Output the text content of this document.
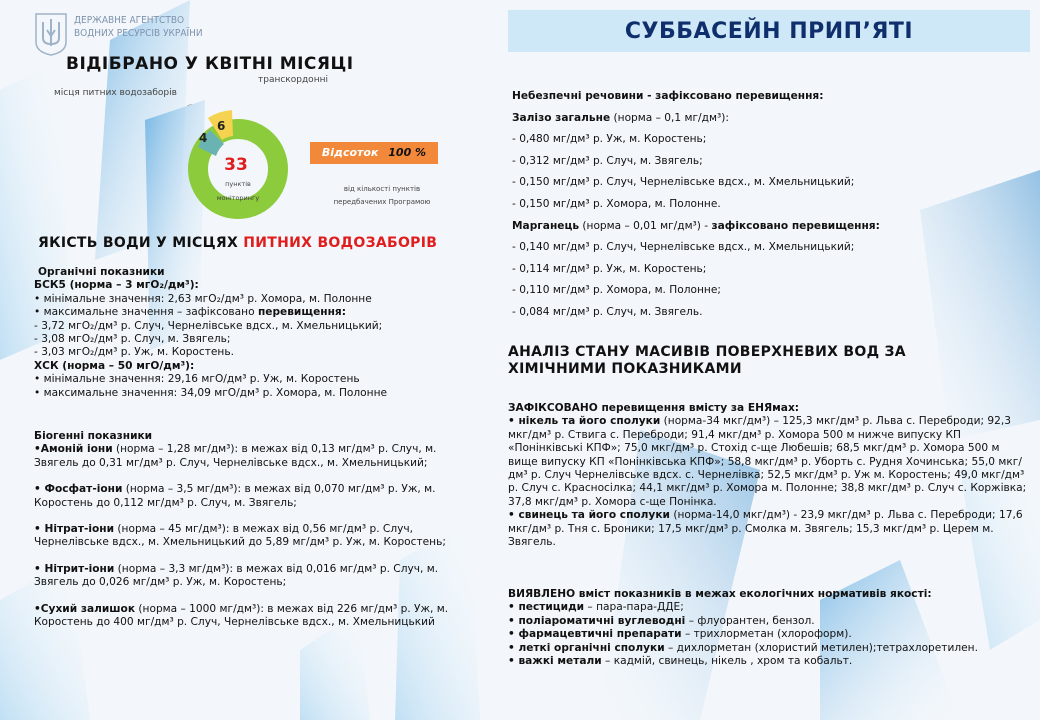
ДЕРЖАВНЕ АГЕНТСТВО
ВОДНИХ РЕСУРСІВ УКРАЇНИ	СУББАСЕЙН ПРИП’ЯТІ
ВІДІБРАНО У КВІТНІ МІСЯЦІ
місця питних водозаборів
транскордонні
4
6
33
пунктів
моніторингу
Відсоток 100 %
від кількості пунктів передбачених Програмою
ЯКІСТЬ ВОДИ У МІСЦЯХ ПИТНИХ ВОДОЗАБОРІВ
Органічні показники
БСК5 (норма – 3 мгО₂/дм³):
• мінімальне значення: 2,63 мгО₂/дм³ р. Хомора, м. Полонне
• максимальне значення – зафіксовано перевищення:
- 3,72 мгО₂/дм³ р. Случ, Чернелівське вдсх., м. Хмельницький;
- 3,08 мгО₂/дм³ р. Случ, м. Звягель;
- 3,03 мгО₂/дм³ р. Уж, м. Коростень.
ХСК (норма – 50 мгО/дм³):
• мінімальне значення: 29,16 мгО/дм³ р. Уж, м. Коростень
• максимальне значення: 34,09 мгО/дм³ р. Хомора, м. Полонне
Біогенні показники
•Амоній іони (норма – 1,28 мг/дм³): в межах від 0,13 мг/дм³ р. Случ, м. Звягель до 0,31 мг/дм³ р. Случ, Чернелівське вдсх., м. Хмельницький;
• Фосфат-іони (норма – 3,5 мг/дм³): в межах від 0,070 мг/дм³ р. Уж, м. Коростень до 0,112 мг/дм³ р. Случ, м. Звягель;
• Нітрат-іони (норма – 45 мг/дм³): в межах від 0,56 мг/дм³ р. Случ, Чернелівське вдсх., м. Хмельницький до 5,89 мг/дм³ р. Уж, м. Коростень;
• Нітрит-іони (норма – 3,3 мг/дм³): в межах від 0,016 мг/дм³ р. Случ, м. Звягель до 0,026 мг/дм³ р. Уж, м. Коростень;
•Сухий залишок (норма – 1000 мг/дм³): в межах від 226 мг/дм³ р. Уж, м. Коростень до 400 мг/дм³ р. Случ, Чернелівське вдсх., м. Хмельницький
Небезпечні речовини - зафіксовано перевищення:
Залізо загальне (норма – 0,1 мг/дм³):
- 0,480 мг/дм³ р. Уж, м. Коростень;
- 0,312 мг/дм³ р. Случ, м. Звягель;
- 0,150 мг/дм³ р. Случ, Чернелівське вдсх., м. Хмельницький;
- 0,150 мг/дм³ р. Хомора, м. Полонне.
Марганець (норма – 0,01 мг/дм³) - зафіксовано перевищення:
- 0,140 мг/дм³ р. Случ, Чернелівське вдсх., м. Хмельницький;
- 0,114 мг/дм³ р. Уж, м. Коростень;
- 0,110 мг/дм³ р. Хомора, м. Полонне;
- 0,084 мг/дм³ р. Случ, м. Звягель.
АНАЛІЗ СТАНУ МАСИВІВ ПОВЕРХНЕВИХ ВОД ЗА ХІМІЧНИМИ ПОКАЗНИКАМИ
ЗАФІКСОВАНО перевищення вмісту за ЕНЯмах:
• нікель та його сполуки (норма-34 мкг/дм³) – 125,3 мкг/дм³ р. Льва с. Переброди; 92,3 мкг/дм³ р. Ствига с. Переброди; 91,4 мкг/дм³ р. Хомора 500 м нижче випуску КП «Понінківські КПФ»; 75,0 мкг/дм³ р. Стохід с-ще Любешів; 68,5 мкг/дм³ р. Хомора 500 м вище випуску КП «Понінківська КПФ»; 58,8 мкг/дм³ р. Уборть с. Рудня Хочинська; 55,0 мкг/дм³ р. Случ Чернелівське вдсх. с. Чернелівка; 52,5 мкг/дм³ р. Уж м. Коростень; 49,0 мкг/дм³ р. Случ с. Красносілка; 44,1 мкг/дм³ р. Хомора м. Полонне; 38,8 мкг/дм³ р. Случ с. Коржівка; 37,8 мкг/дм³ р. Хомора с-ще Понінка.
• свинець та його сполуки (норма-14,0 мкг/дм³) - 23,9 мкг/дм³ р. Льва с. Переброди; 17,6 мкг/дм³ р. Тня с. Броники; 17,5 мкг/дм³ р. Смолка м. Звягель; 15,3 мкг/дм³ р. Церем м. Звягель.
ВИЯВЛЕНО вміст показників в межах екологічних нормативів якості:
• пестициди – пара-пара-ДДЕ;
• поліароматичні вуглеводні – флуорантен, бензол.
• фармацевтичні препарати – трихлорметан (хлороформ).
• леткі органічні сполуки – дихлорметан (хлористий метилен);тетрахлоретилен.
• важкі метали – кадмій, свинець, нікель , хром та кобальт.
